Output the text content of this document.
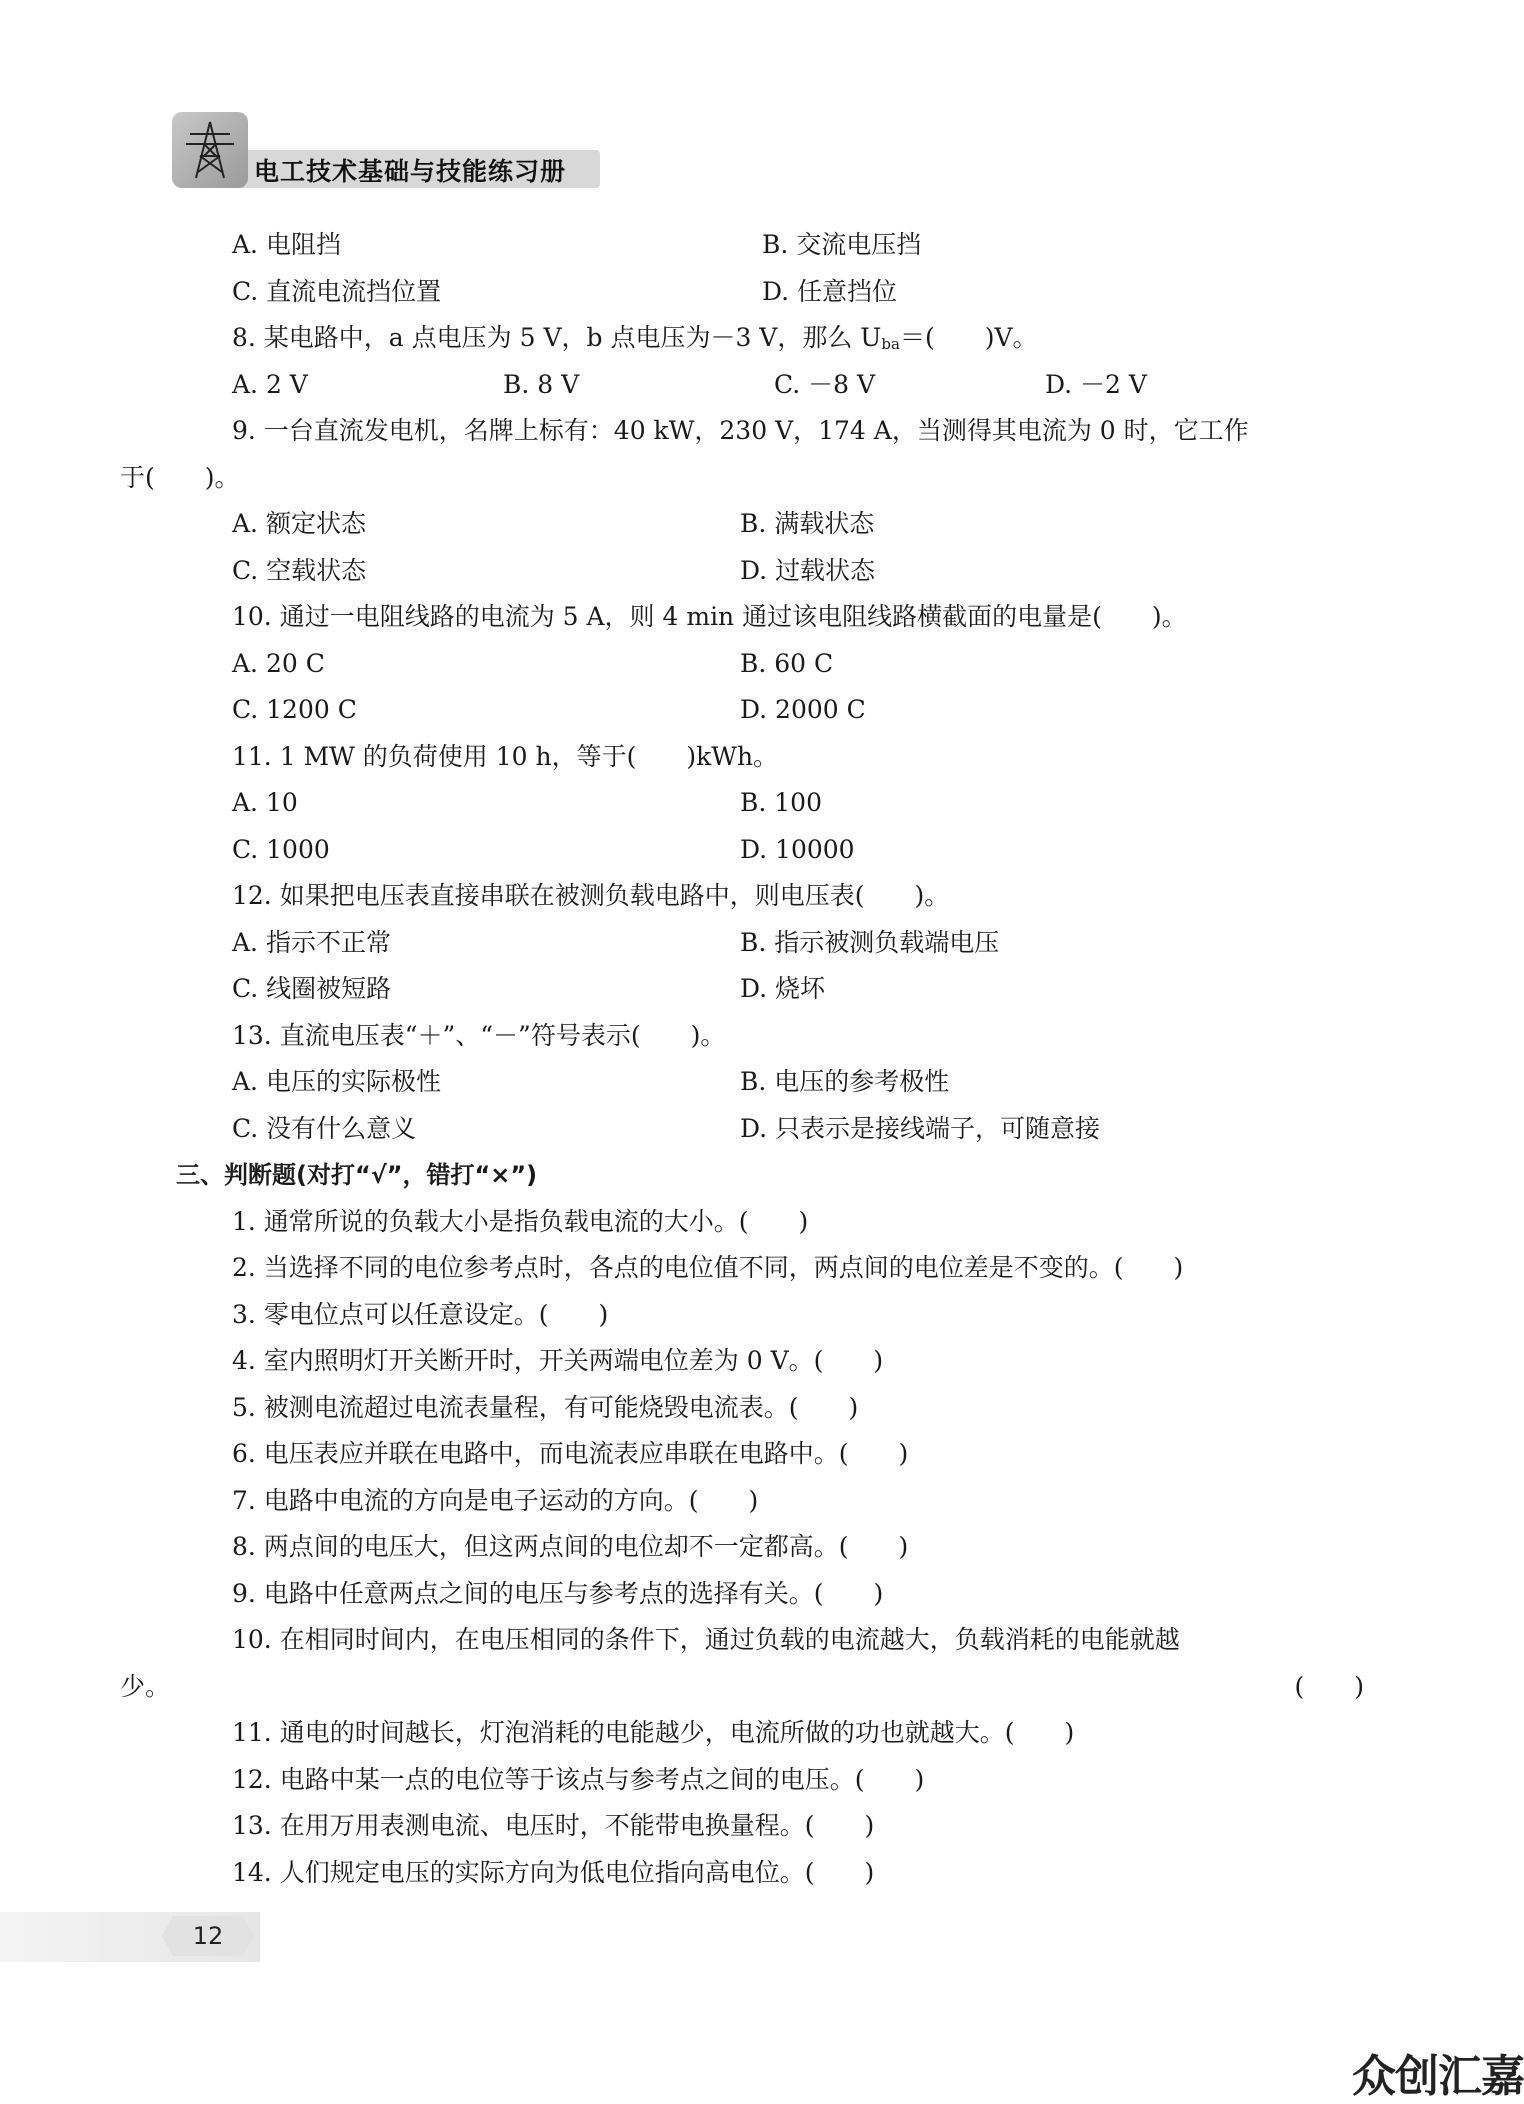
电工技术基础与技能练习册
A. 电阻挡	B. 交流电压挡
C. 直流电流挡位置	D. 任意挡位
8. 某电路中，a 点电压为 5 V，b 点电压为－3 V，那么 $U_{ba}=$(　　)V。
A. 2 V	B. 8 V	C. －8 V	D. －2 V
9. 一台直流发电机，名牌上标有：40 kW，230 V，174 A，当测得其电流为 0 时，它工作
于(　　)。
A. 额定状态	B. 满载状态
C. 空载状态	D. 过载状态
10. 通过一电阻线路的电流为 5 A，则 4 min 通过该电阻线路横截面的电量是(　　)。
A. 20 C	B. 60 C
C. 1200 C	D. 2000 C
11. 1 MW 的负荷使用 10 h，等于(　　)kWh。
A. 10	B. 100
C. 1000	D. 10000
12. 如果把电压表直接串联在被测负载电路中，则电压表(　　)。
A. 指示不正常	B. 指示被测负载端电压
C. 线圈被短路	D. 烧坏
13. 直流电压表“＋”、“－”符号表示(　　)。
A. 电压的实际极性	B. 电压的参考极性
C. 没有什么意义	D. 只表示是接线端子，可随意接
三、判断题(对打“√”，错打“×”)
1. 通常所说的负载大小是指负载电流的大小。(　　)
2. 当选择不同的电位参考点时，各点的电位值不同，两点间的电位差是不变的。(　　)
3. 零电位点可以任意设定。(　　)
4. 室内照明灯开关断开时，开关两端电位差为 0 V。(　　)
5. 被测电流超过电流表量程，有可能烧毁电流表。(　　)
6. 电压表应并联在电路中，而电流表应串联在电路中。(　　)
7. 电路中电流的方向是电子运动的方向。(　　)
8. 两点间的电压大，但这两点间的电位却不一定都高。(　　)
9. 电路中任意两点之间的电压与参考点的选择有关。(　　)
10. 在相同时间内，在电压相同的条件下，通过负载的电流越大，负载消耗的电能就越
少。	(　　)
11. 通电的时间越长，灯泡消耗的电能越少，电流所做的功也就越大。(　　)
12. 电路中某一点的电位等于该点与参考点之间的电压。(　　)
13. 在用万用表测电流、电压时，不能带电换量程。(　　)
14. 人们规定电压的实际方向为低电位指向高电位。(　　)
12
众创汇嘉
